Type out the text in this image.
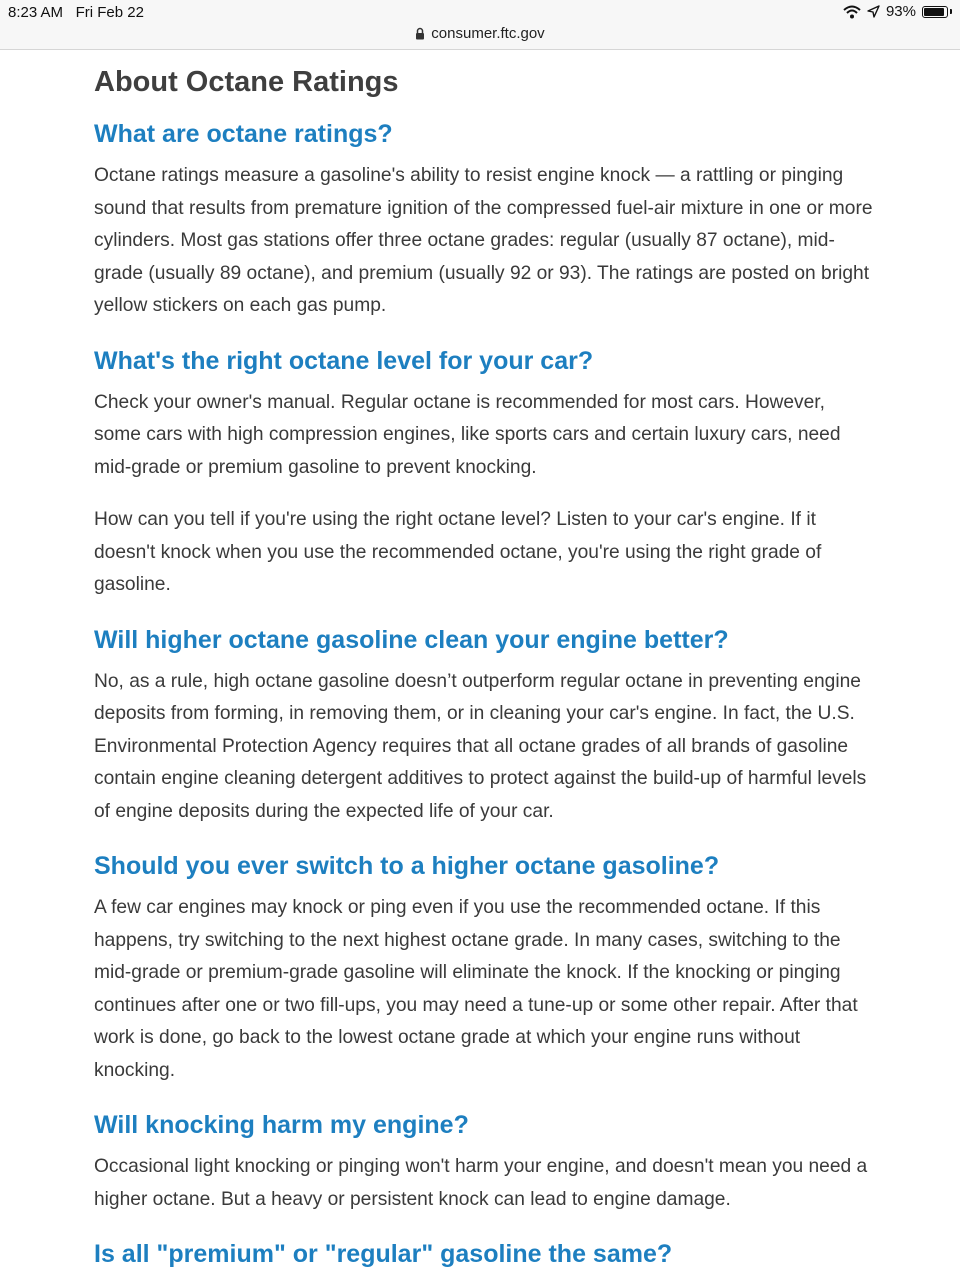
8:23 AM Fri Feb 22	93%
consumer.ftc.gov
About Octane Ratings
What are octane ratings?

Octane ratings measure a gasoline's ability to resist engine knock — a rattling or pinging sound that results from premature ignition of the compressed fuel-air mixture in one or more cylinders. Most gas stations offer three octane grades: regular (usually 87 octane), mid-grade (usually 89 octane), and premium (usually 92 or 93). The ratings are posted on bright yellow stickers on each gas pump.

What's the right octane level for your car?

Check your owner's manual. Regular octane is recommended for most cars. However, some cars with high compression engines, like sports cars and certain luxury cars, need mid-grade or premium gasoline to prevent knocking.

How can you tell if you're using the right octane level? Listen to your car's engine. If it doesn't knock when you use the recommended octane, you're using the right grade of gasoline.

Will higher octane gasoline clean your engine better?

No, as a rule, high octane gasoline doesn’t outperform regular octane in preventing engine deposits from forming, in removing them, or in cleaning your car's engine. In fact, the U.S. Environmental Protection Agency requires that all octane grades of all brands of gasoline contain engine cleaning detergent additives to protect against the build-up of harmful levels of engine deposits during the expected life of your car.

Should you ever switch to a higher octane gasoline?

A few car engines may knock or ping even if you use the recommended octane. If this happens, try switching to the next highest octane grade. In many cases, switching to the mid-grade or premium-grade gasoline will eliminate the knock. If the knocking or pinging continues after one or two fill-ups, you may need a tune-up or some other repair. After that work is done, go back to the lowest octane grade at which your engine runs without knocking.

Will knocking harm my engine?

Occasional light knocking or pinging won't harm your engine, and doesn't mean you need a higher octane. But a heavy or persistent knock can lead to engine damage.

Is all "premium" or "regular" gasoline the same?
